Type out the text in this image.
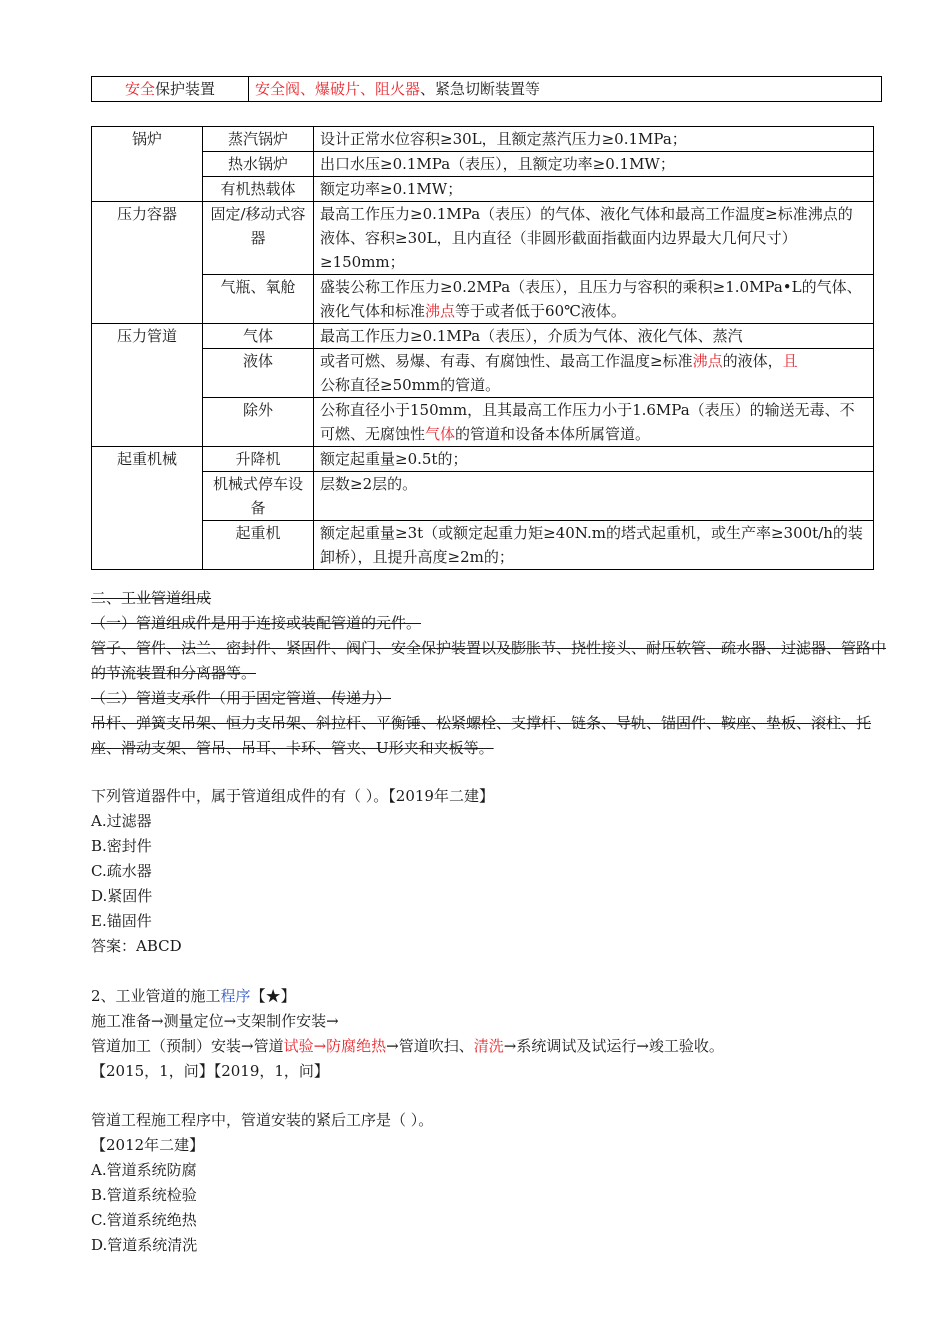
安全保护装置	安全阀、爆破片、阻火器、紧急切断装置等
锅炉	蒸汽锅炉	设计正常水位容积≥30L，且额定蒸汽压力≥0.1MPa；
	热水锅炉	出口水压≥0.1MPa（表压），且额定功率≥0.1MW；
	有机热载体	额定功率≥0.1MW；
压力容器	固定/移动式容器	最高工作压力≥0.1MPa（表压）的气体、液化气体和最高工作温度≥标准沸点的液体、容积≥30L，且内直径（非圆形截面指截面内边界最大几何尺寸）≥150mm；
	气瓶、氧舱	盛装公称工作压力≥0.2MPa（表压），且压力与容积的乘积≥1.0MPa•L的气体、液化气体和标准沸点等于或者低于60℃液体。
压力管道	气体	最高工作压力≥0.1MPa（表压），介质为气体、液化气体、蒸汽
	液体	或者可燃、易爆、有毒、有腐蚀性、最高工作温度≥标准沸点的液体，且
公称直径≥50mm的管道。
	除外	公称直径小于150mm，且其最高工作压力小于1.6MPa（表压）的输送无毒、不可燃、无腐蚀性气体的管道和设备本体所属管道。
起重机械	升降机	额定起重量≥0.5t的；
	机械式停车设备	层数≥2层的。
	起重机	额定起重量≥3t（或额定起重力矩≥40N.m的塔式起重机，或生产率≥300t/h的装卸桥），且提升高度≥2m的；

二、工业管道组成

（一）管道组成件是用于连接或装配管道的元件。

管子、管件、法兰、密封件、紧固件、阀门、安全保护装置以及膨胀节、挠性接头、耐压软管、疏水器、过滤器、管路中的节流装置和分离器等。

（二）管道支承件（用于固定管道、传递力）

吊杆、弹簧支吊架、恒力支吊架、斜拉杆、平衡锤、松紧螺栓、支撑杆、链条、导轨、锚固件、鞍座、垫板、滚柱、托座、滑动支架、管吊、吊耳、卡环、管夹、U形夹和夹板等。

下列管道器件中，属于管道组成件的有（ ）。【2019年二建】

A.过滤器

B.密封件

C.疏水器

D.紧固件

E.锚固件

答案：ABCD

2、工业管道的施工程序【★】

施工准备→测量定位→支架制作安装→

管道加工（预制）安装→管道试验→防腐绝热→管道吹扫、清洗→系统调试及试运行→竣工验收。

【2015，1，问】【2019，1，问】

管道工程施工程序中，管道安装的紧后工序是（ ）。

【2012年二建】

A.管道系统防腐

B.管道系统检验

C.管道系统绝热

D.管道系统清洗
